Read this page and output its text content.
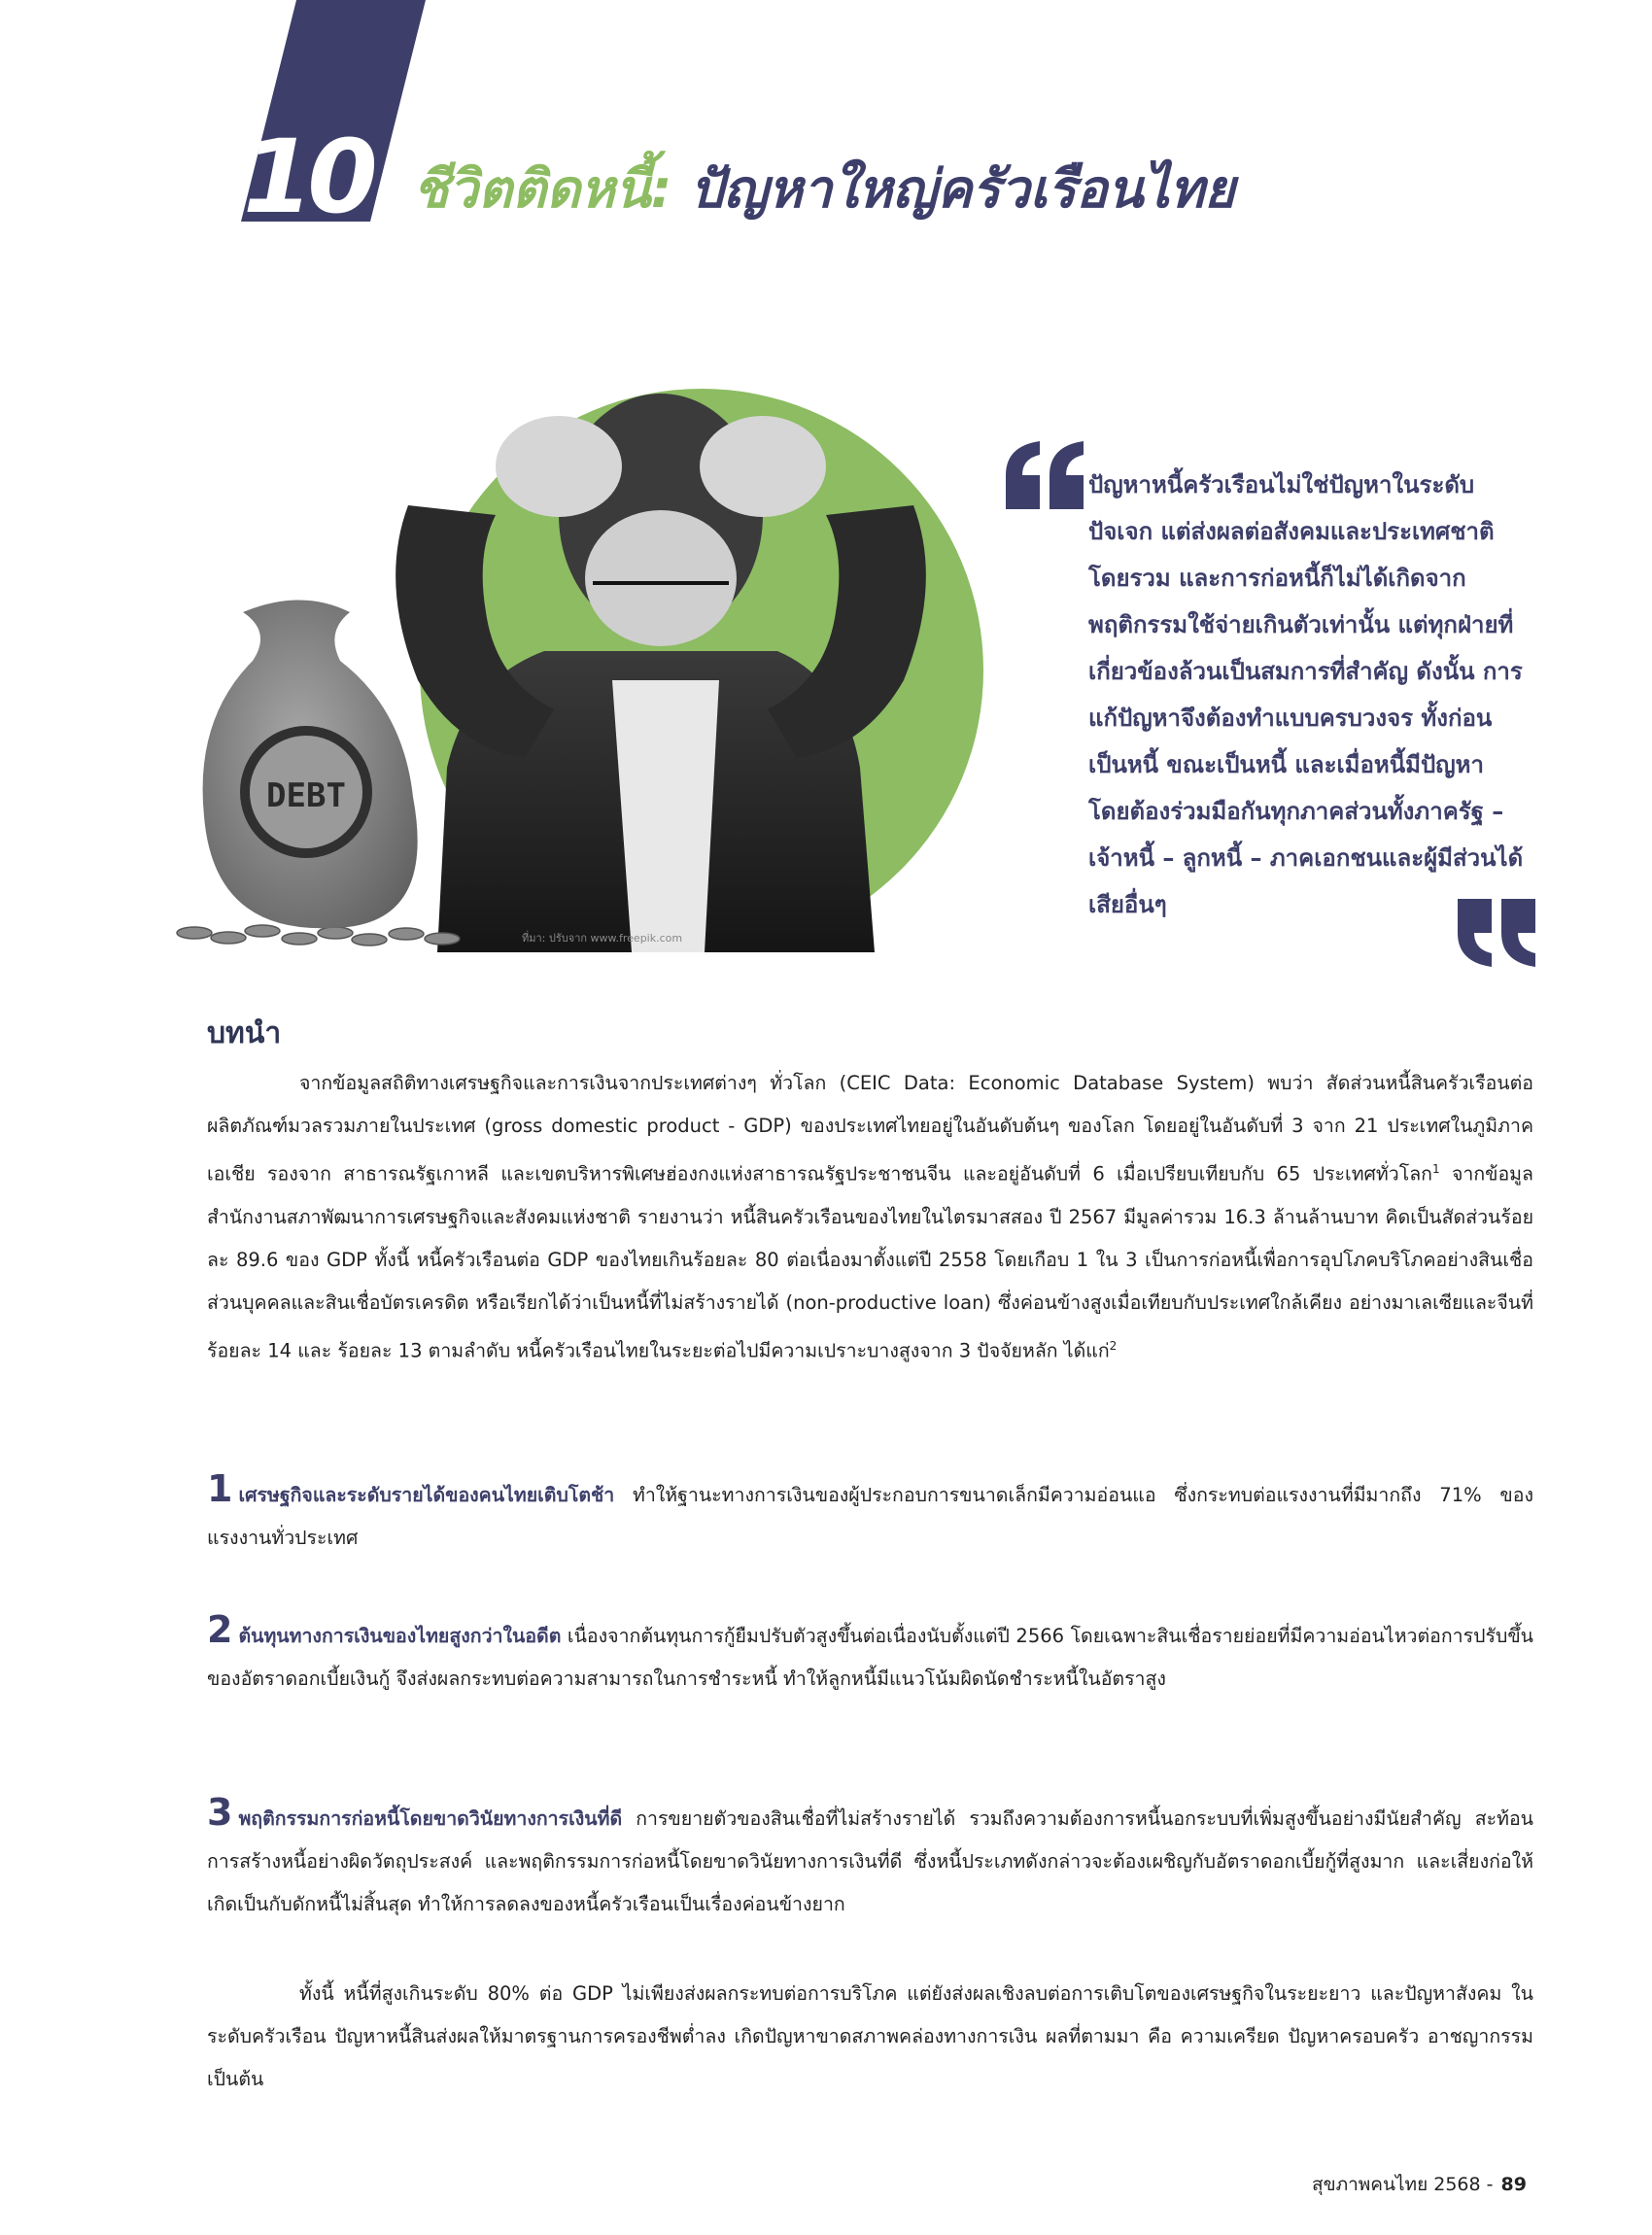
10 ชีวิตติดหนี้: ปัญหาใหญ่ครัวเรือนไทย
DEBT
ที่มา: ปรับจาก www.freepik.com
ปัญหาหนี้ครัวเรือนไม่ใช่ปัญหาในระดับปัจเจก แต่ส่งผลต่อสังคมและประเทศชาติโดยรวม และการก่อหนี้ก็ไม่ได้เกิดจากพฤติกรรมใช้จ่ายเกินตัวเท่านั้น แต่ทุกฝ่ายที่เกี่ยวข้องล้วนเป็นสมการที่สำคัญ ดังนั้น การแก้ปัญหาจึงต้องทำแบบครบวงจร ทั้งก่อนเป็นหนี้ ขณะเป็นหนี้ และเมื่อหนี้มีปัญหา โดยต้องร่วมมือกันทุกภาคส่วนทั้งภาครัฐ – เจ้าหนี้ – ลูกหนี้ – ภาคเอกชนและผู้มีส่วนได้เสียอื่นๆ
บทนำ
จากข้อมูลสถิติทางเศรษฐกิจและการเงินจากประเทศต่างๆ ทั่วโลก (CEIC Data: Economic Database System) พบว่า สัดส่วนหนี้สินครัวเรือนต่อผลิตภัณฑ์มวลรวมภายในประเทศ (gross domestic product - GDP) ของประเทศไทยอยู่ในอันดับต้นๆ ของโลก โดยอยู่ในอันดับที่ 3 จาก 21 ประเทศในภูมิภาคเอเชีย รองจาก สาธารณรัฐเกาหลี และเขตบริหารพิเศษฮ่องกงแห่งสาธารณรัฐประชาชนจีน และอยู่อันดับที่ 6 เมื่อเปรียบเทียบกับ 65 ประเทศทั่วโลก$^1$ จากข้อมูลสำนักงานสภาพัฒนาการเศรษฐกิจและสังคมแห่งชาติ รายงานว่า หนี้สินครัวเรือนของไทยในไตรมาสสอง ปี 2567 มีมูลค่ารวม 16.3 ล้านล้านบาท คิดเป็นสัดส่วนร้อยละ 89.6 ของ GDP ทั้งนี้ หนี้ครัวเรือนต่อ GDP ของไทยเกินร้อยละ 80 ต่อเนื่องมาตั้งแต่ปี 2558 โดยเกือบ 1 ใน 3 เป็นการก่อหนี้เพื่อการอุปโภคบริโภคอย่างสินเชื่อส่วนบุคคลและสินเชื่อบัตรเครดิต หรือเรียกได้ว่าเป็นหนี้ที่ไม่สร้างรายได้ (non-productive loan) ซึ่งค่อนข้างสูงเมื่อเทียบกับประเทศใกล้เคียง อย่างมาเลเซียและจีนที่ร้อยละ 14 และ ร้อยละ 13 ตามลำดับ หนี้ครัวเรือนไทยในระยะต่อไปมีความเปราะบางสูงจาก 3 ปัจจัยหลัก ได้แก่$^2$
1 เศรษฐกิจและระดับรายได้ของคนไทยเติบโตช้า ทำให้ฐานะทางการเงินของผู้ประกอบการขนาดเล็กมีความอ่อนแอ ซึ่งกระทบต่อแรงงานที่มีมากถึง 71% ของแรงงานทั่วประเทศ
2 ต้นทุนทางการเงินของไทยสูงกว่าในอดีต เนื่องจากต้นทุนการกู้ยืมปรับตัวสูงขึ้นต่อเนื่องนับตั้งแต่ปี 2566 โดยเฉพาะสินเชื่อรายย่อยที่มีความอ่อนไหวต่อการปรับขึ้นของอัตราดอกเบี้ยเงินกู้ จึงส่งผลกระทบต่อความสามารถในการชำระหนี้ ทำให้ลูกหนี้มีแนวโน้มผิดนัดชำระหนี้ในอัตราสูง
3 พฤติกรรมการก่อหนี้โดยขาดวินัยทางการเงินที่ดี การขยายตัวของสินเชื่อที่ไม่สร้างรายได้ รวมถึงความต้องการหนี้นอกระบบที่เพิ่มสูงขึ้นอย่างมีนัยสำคัญ สะท้อนการสร้างหนี้อย่างผิดวัตถุประสงค์ และพฤติกรรมการก่อหนี้โดยขาดวินัยทางการเงินที่ดี ซึ่งหนี้ประเภทดังกล่าวจะต้องเผชิญกับอัตราดอกเบี้ยกู้ที่สูงมาก และเสี่ยงก่อให้เกิดเป็นกับดักหนี้ไม่สิ้นสุด ทำให้การลดลงของหนี้ครัวเรือนเป็นเรื่องค่อนข้างยาก
ทั้งนี้ หนี้ที่สูงเกินระดับ 80% ต่อ GDP ไม่เพียงส่งผลกระทบต่อการบริโภค แต่ยังส่งผลเชิงลบต่อการเติบโตของเศรษฐกิจในระยะยาว และปัญหาสังคม ในระดับครัวเรือน ปัญหาหนี้สินส่งผลให้มาตรฐานการครองชีพต่ำลง เกิดปัญหาขาดสภาพคล่องทางการเงิน ผลที่ตามมา คือ ความเครียด ปัญหาครอบครัว อาชญากรรม เป็นต้น
สุขภาพคนไทย 2568 - 89
